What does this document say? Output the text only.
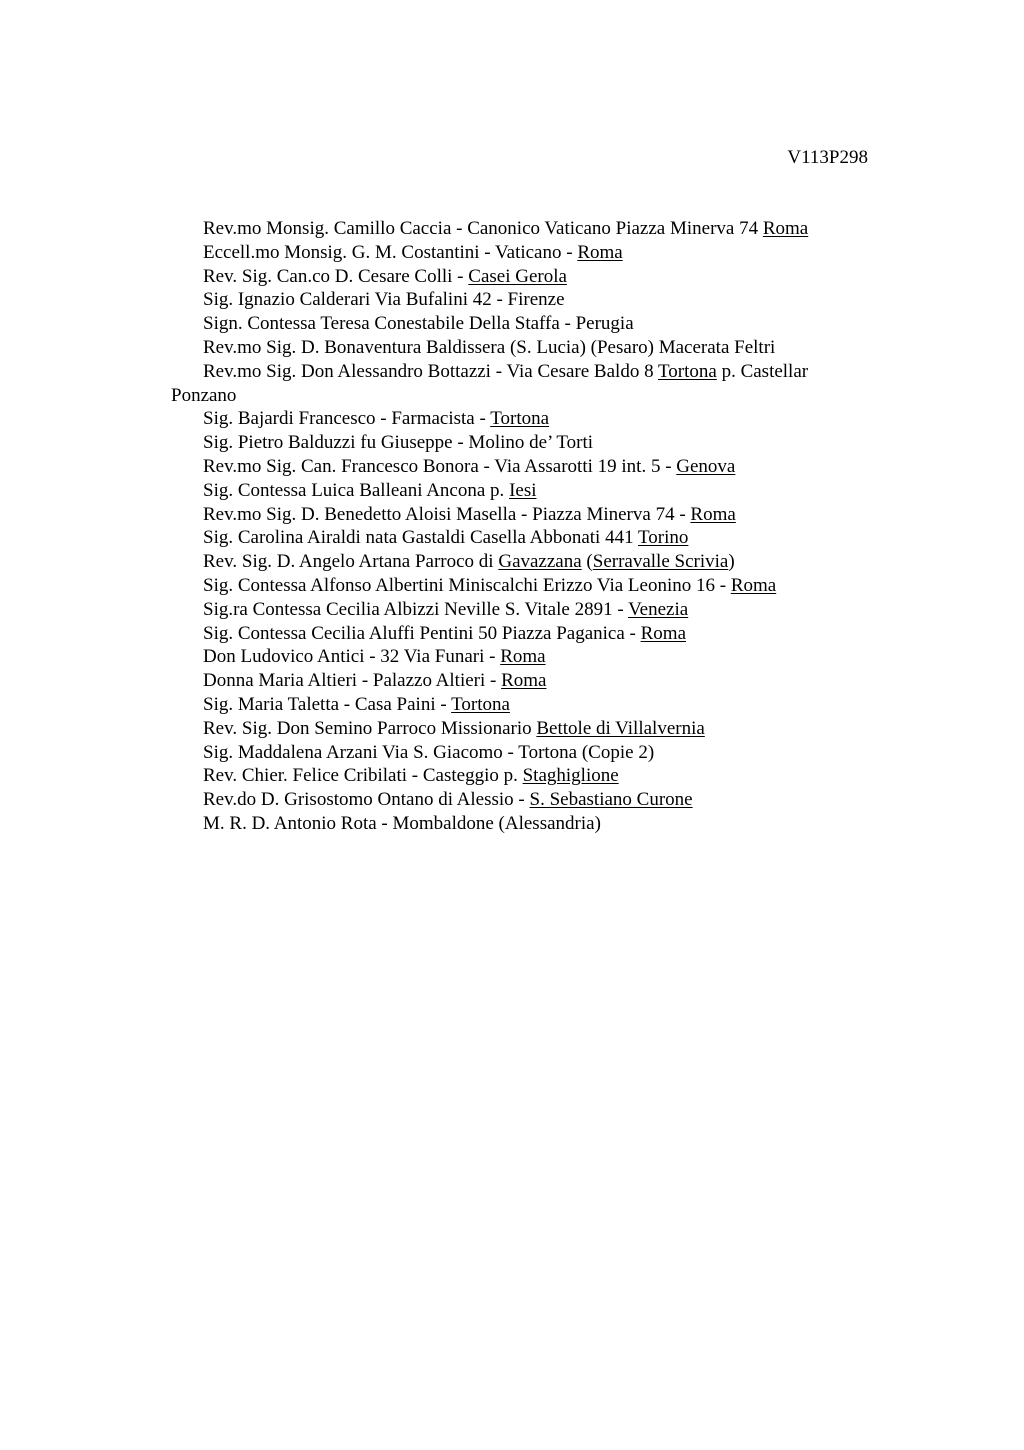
V113P298
Rev.mo Monsig. Camillo Caccia - Canonico Vaticano Piazza Minerva 74 Roma
Eccell.mo Monsig. G. M. Costantini - Vaticano - Roma
Rev. Sig. Can.co D. Cesare Colli - Casei Gerola
Sig. Ignazio Calderari Via Bufalini 42 - Firenze
Sign. Contessa Teresa Conestabile Della Staffa - Perugia
Rev.mo Sig. D. Bonaventura Baldissera (S. Lucia) (Pesaro) Macerata Feltri
Rev.mo Sig. Don Alessandro Bottazzi - Via Cesare Baldo 8 Tortona p. Castellar Ponzano
Sig. Bajardi Francesco - Farmacista - Tortona
Sig. Pietro Balduzzi fu Giuseppe - Molino de’ Torti
Rev.mo Sig. Can. Francesco Bonora - Via Assarotti 19 int. 5 - Genova
Sig. Contessa Luica Balleani Ancona p. Iesi
Rev.mo Sig. D. Benedetto Aloisi Masella - Piazza Minerva 74 - Roma
Sig. Carolina Airaldi nata Gastaldi Casella Abbonati 441 Torino
Rev. Sig. D. Angelo Artana Parroco di Gavazzana (Serravalle Scrivia)
Sig. Contessa Alfonso Albertini Miniscalchi Erizzo Via Leonino 16 - Roma
Sig.ra Contessa Cecilia Albizzi Neville S. Vitale 2891 - Venezia
Sig. Contessa Cecilia Aluffi Pentini 50 Piazza Paganica - Roma
Don Ludovico Antici - 32 Via Funari - Roma
Donna Maria Altieri - Palazzo Altieri - Roma
Sig. Maria Taletta - Casa Paini - Tortona
Rev. Sig. Don Semino Parroco Missionario Bettole di Villalvernia
Sig. Maddalena Arzani Via S. Giacomo - Tortona (Copie 2)
Rev. Chier. Felice Cribilati - Casteggio p. Staghiglione
Rev.do D. Grisostomo Ontano di Alessio - S. Sebastiano Curone
M. R. D. Antonio Rota - Mombaldone (Alessandria)
